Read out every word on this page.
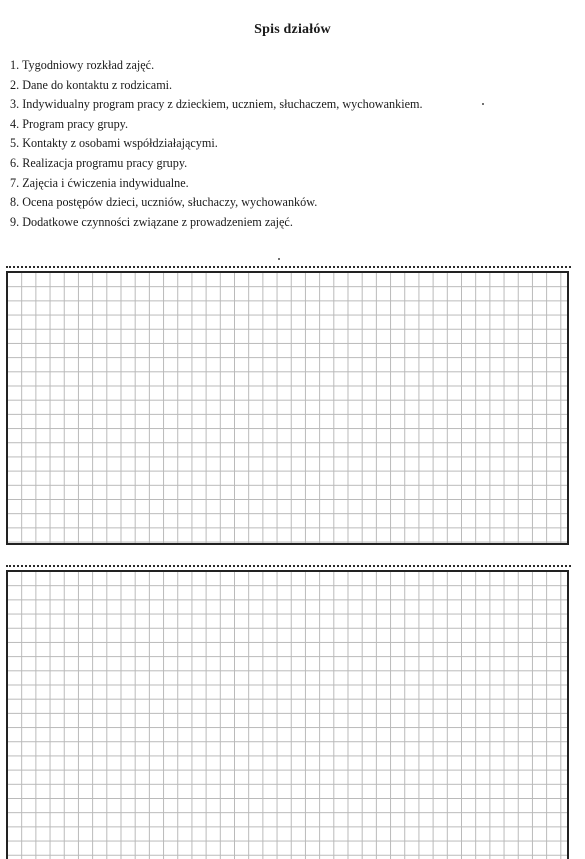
Spis działów
1. Tygodniowy rozkład zajęć.
2. Dane do kontaktu z rodzicami.
3. Indywidualny program pracy z dzieckiem, uczniem, słuchaczem, wychowankiem.
4. Program pracy grupy.
5. Kontakty z osobami współdziałającymi.
6. Realizacja programu pracy grupy.
7. Zajęcia i ćwiczenia indywidualne.
8. Ocena postępów dzieci, uczniów, słuchaczy, wychowanków.
9. Dodatkowe czynności związane z prowadzeniem zajęć.
